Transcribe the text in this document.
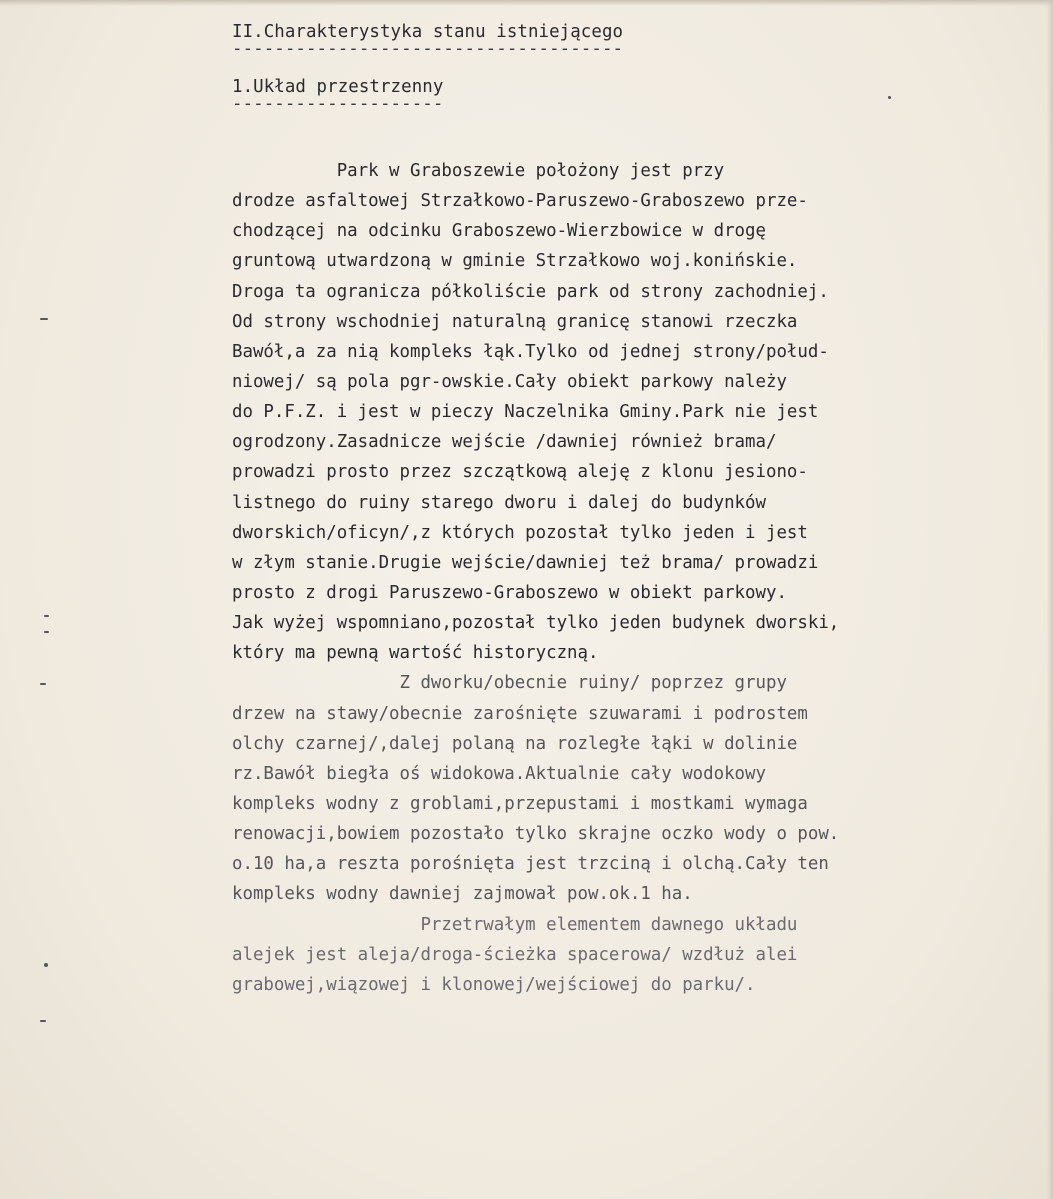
II.Charakterystyka stanu istniejącego
-------------------------------------
1.Układ przestrzenny
--------------------
Park w Graboszewie położony jest przy
drodze asfaltowej Strzałkowo-Paruszewo-Graboszewo prze-
chodzącej na odcinku Graboszewo-Wierzbowice w drogę
gruntową utwardzoną w gminie Strzałkowo woj.konińskie.
Droga ta ogranicza półkoliście park od strony zachodniej.
Od strony wschodniej naturalną granicę stanowi rzeczka
Bawół,a za nią kompleks łąk.Tylko od jednej strony/połud-
niowej/ są pola pgr-owskie.Cały obiekt parkowy należy
do P.F.Z. i jest w pieczy Naczelnika Gminy.Park nie jest
ogrodzony.Zasadnicze wejście /dawniej również brama/
prowadzi prosto przez szczątkową aleję z klonu jesiono-
listnego do ruiny starego dworu i dalej do budynków
dworskich/oficyn/,z których pozostał tylko jeden i jest
w złym stanie.Drugie wejście/dawniej też brama/ prowadzi
prosto z drogi Paruszewo-Graboszewo w obiekt parkowy.
Jak wyżej wspomniano,pozostał tylko jeden budynek dworski,
który ma pewną wartość historyczną.
Z dworku/obecnie ruiny/ poprzez grupy
drzew na stawy/obecnie zarośnięte szuwarami i podrostem
olchy czarnej/,dalej polaną na rozległe łąki w dolinie
rz.Bawół biegła oś widokowa.Aktualnie cały wodokowy
kompleks wodny z groblami,przepustami i mostkami wymaga
renowacji,bowiem pozostało tylko skrajne oczko wody o pow.
o.10 ha,a reszta porośnięta jest trzciną i olchą.Cały ten
kompleks wodny dawniej zajmował pow.ok.1 ha.
Przetrwałym elementem dawnego układu
alejek jest aleja/droga-ścieżka spacerowa/ wzdłuż alei
grabowej,wiązowej i klonowej/wejściowej do parku/.
